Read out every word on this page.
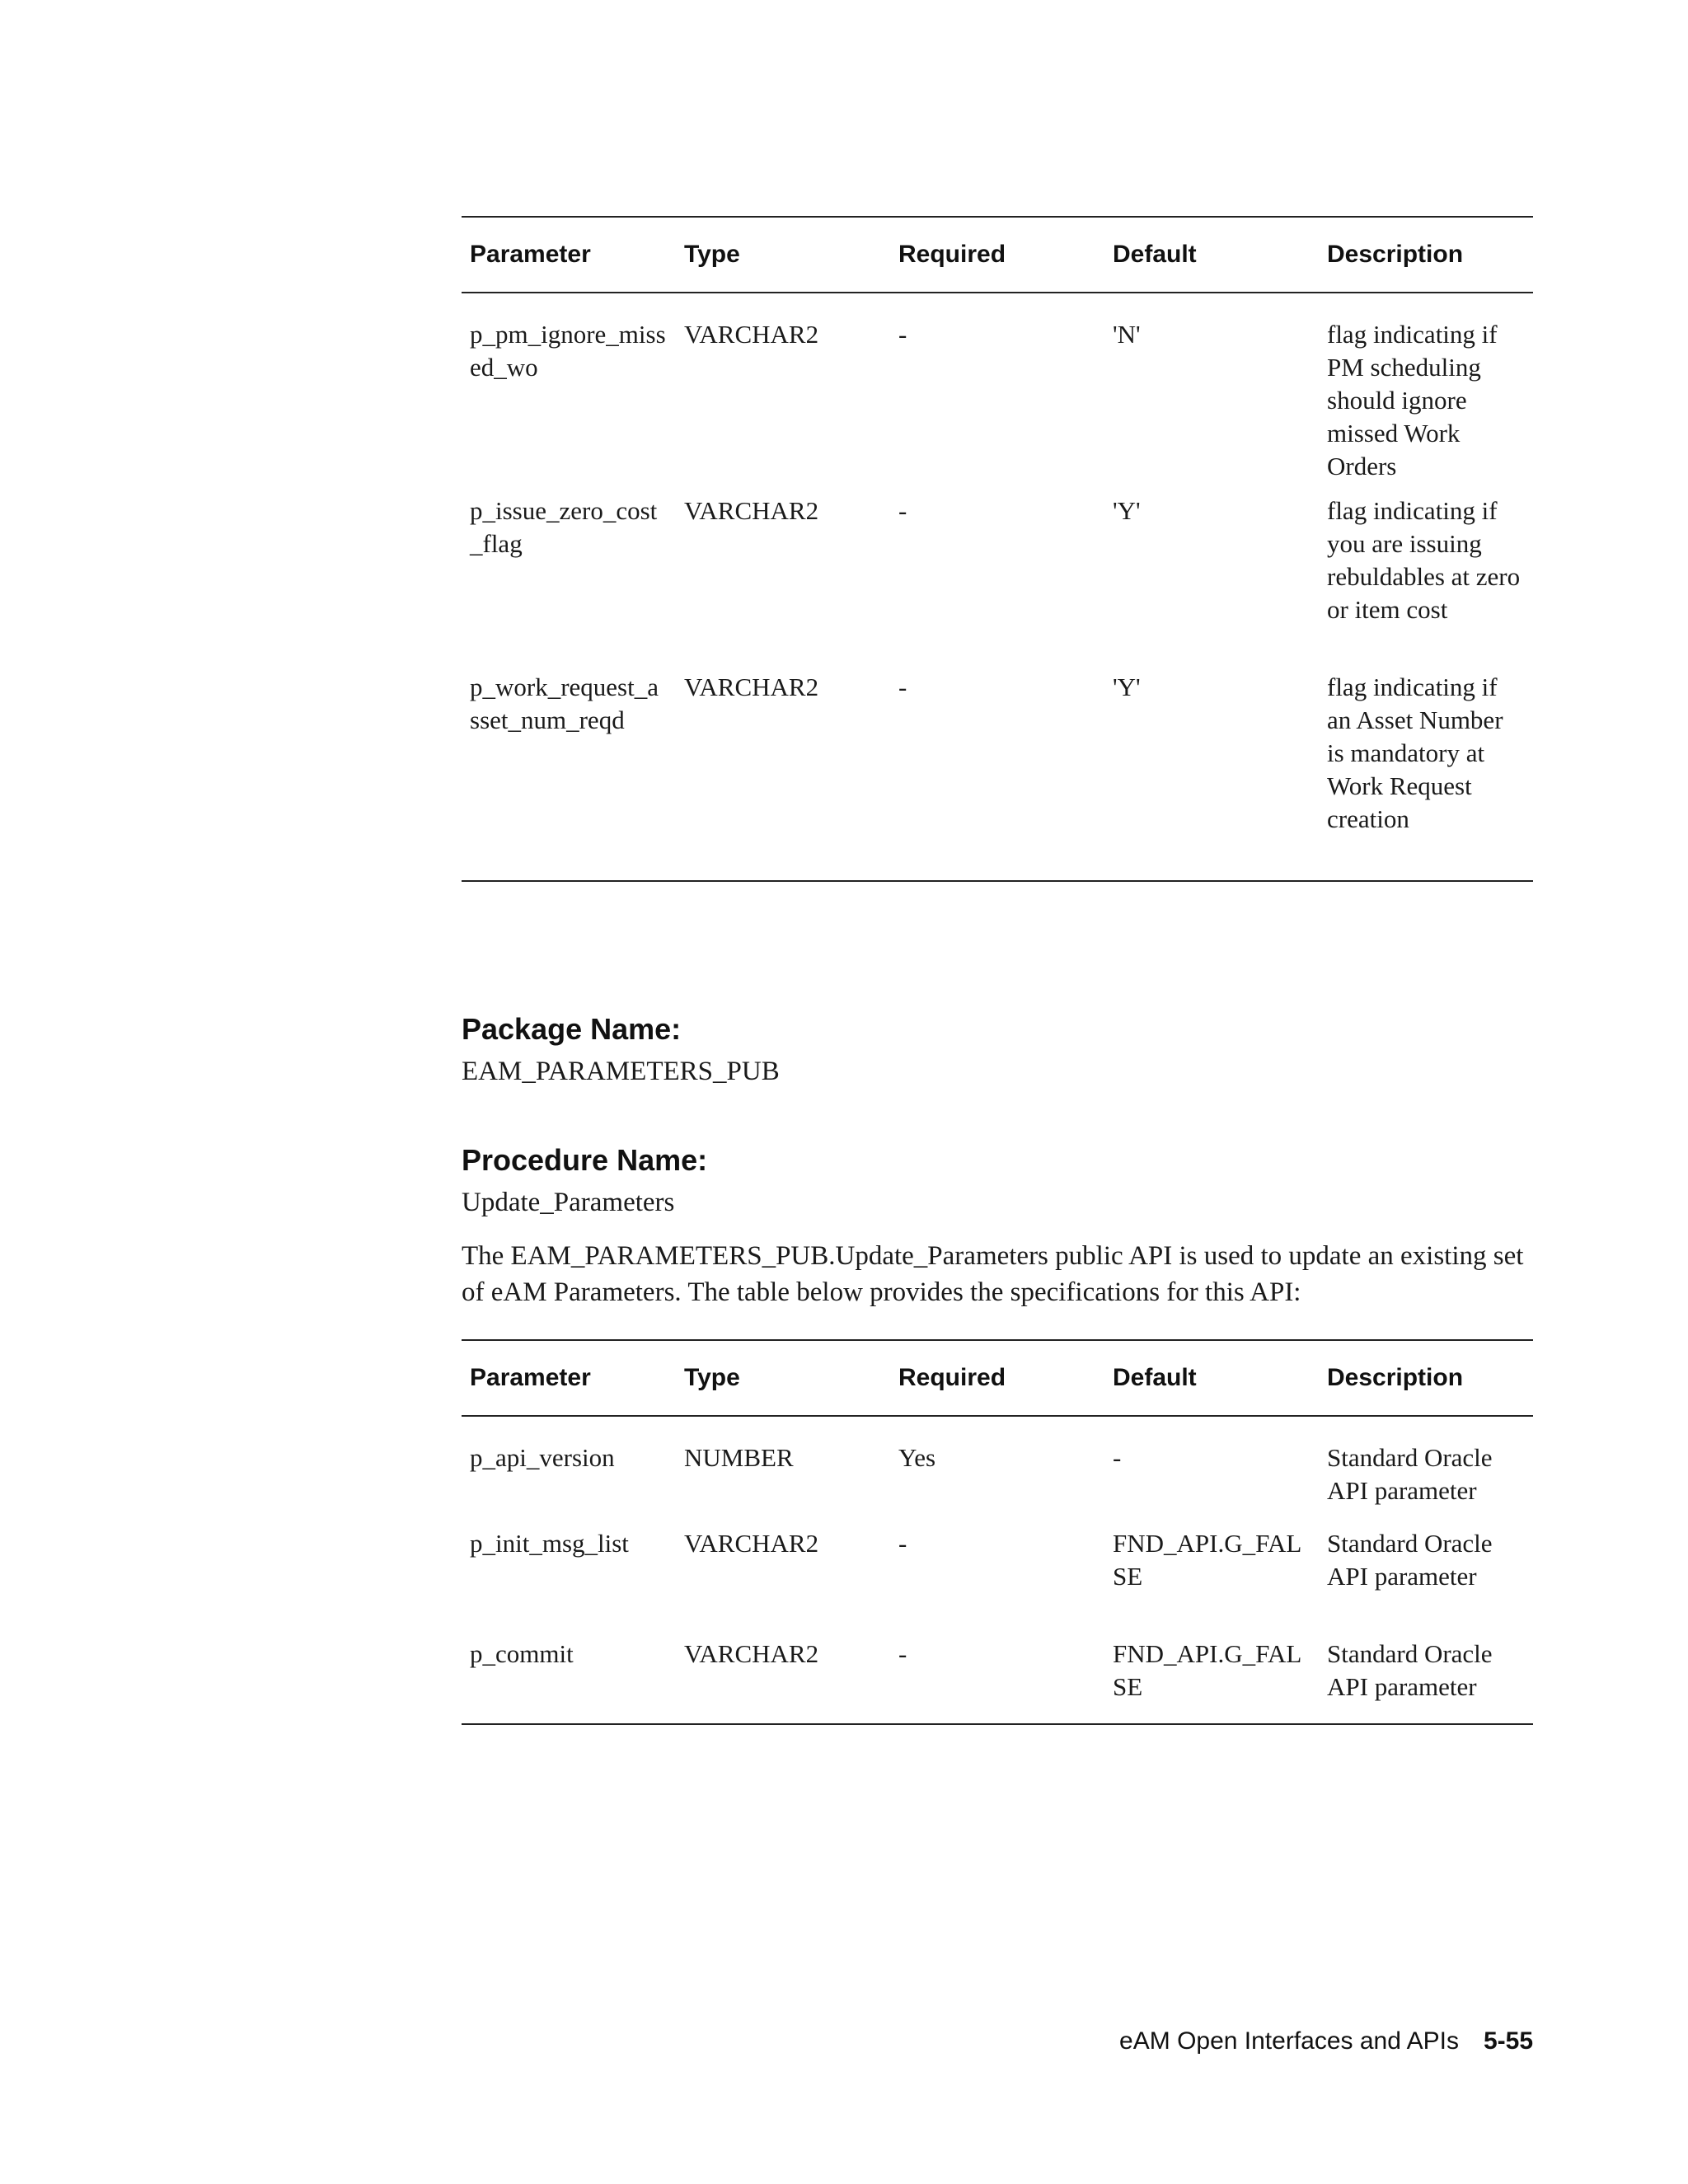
Parameter	Type	Required	Default	Description
p_pm_ignore_missed_wo	VARCHAR2	-	'N'	flag indicating if PM scheduling should ignore missed Work Orders
p_issue_zero_cost_flag	VARCHAR2	-	'Y'	flag indicating if you are issuing rebuldables at zero or item cost
p_work_request_asset_num_reqd	VARCHAR2	-	'Y'	flag indicating if an Asset Number is mandatory at Work Request creation
Package Name:

EAM_PARAMETERS_PUB

Procedure Name:

Update_Parameters

The EAM_PARAMETERS_PUB.Update_Parameters public API is used to update an existing set of eAM Parameters. The table below provides the specifications for this API:

Parameter	Type	Required	Default	Description
p_api_version	NUMBER	Yes	-	Standard Oracle API parameter
p_init_msg_list	VARCHAR2	-	FND_API.G_FALSE	Standard Oracle API parameter
p_commit	VARCHAR2	-	FND_API.G_FALSE	Standard Oracle API parameter
eAM Open Interfaces and APIs 5-55
